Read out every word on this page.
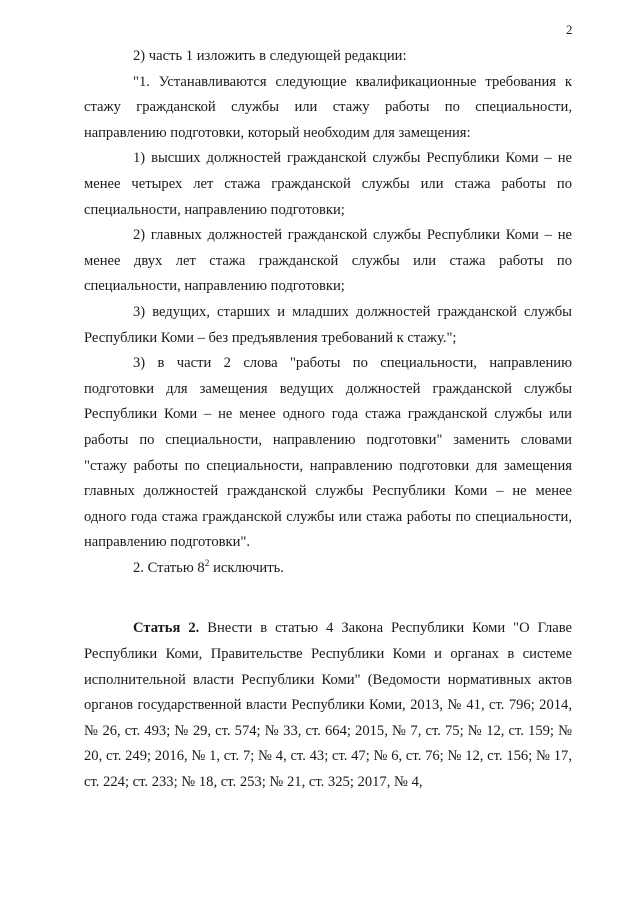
2

2) часть 1 изложить в следующей редакции:

"1. Устанавливаются следующие квалификационные требования к стажу гражданской службы или стажу работы по специальности, направлению подготовки, который необходим для замещения:

1) высших должностей гражданской службы Республики Коми – не менее четырех лет стажа гражданской службы или стажа работы по специальности, направлению подготовки;

2) главных должностей гражданской службы Республики Коми – не менее двух лет стажа гражданской службы или стажа работы по специальности, направлению подготовки;

3) ведущих, старших и младших должностей гражданской службы Республики Коми – без предъявления требований к стажу.";

3) в части 2 слова "работы по специальности, направлению подготовки для замещения ведущих должностей гражданской службы Республики Коми – не менее одного года стажа гражданской службы или работы по специальности, направлению подготовки" заменить словами "стажу работы по специальности, направлению подготовки для замещения главных должностей гражданской службы Республики Коми – не менее одного года стажа гражданской службы или стажа работы по специальности, направлению подготовки".

2. Статью $8^2$ исключить.

Статья 2. Внести в статью 4 Закона Республики Коми "О Главе Республики Коми, Правительстве Республики Коми и органах в системе исполнительной власти Республики Коми" (Ведомости нормативных актов органов государственной власти Республики Коми, 2013, № 41, ст. 796; 2014, № 26, ст. 493; № 29, ст. 574; № 33, ст. 664; 2015, № 7, ст. 75; № 12, ст. 159; № 20, ст. 249; 2016, № 1, ст. 7; № 4, ст. 43; ст. 47; № 6, ст. 76; № 12, ст. 156; № 17, ст. 224; ст. 233; № 18, ст. 253; № 21, ст. 325; 2017, № 4,
